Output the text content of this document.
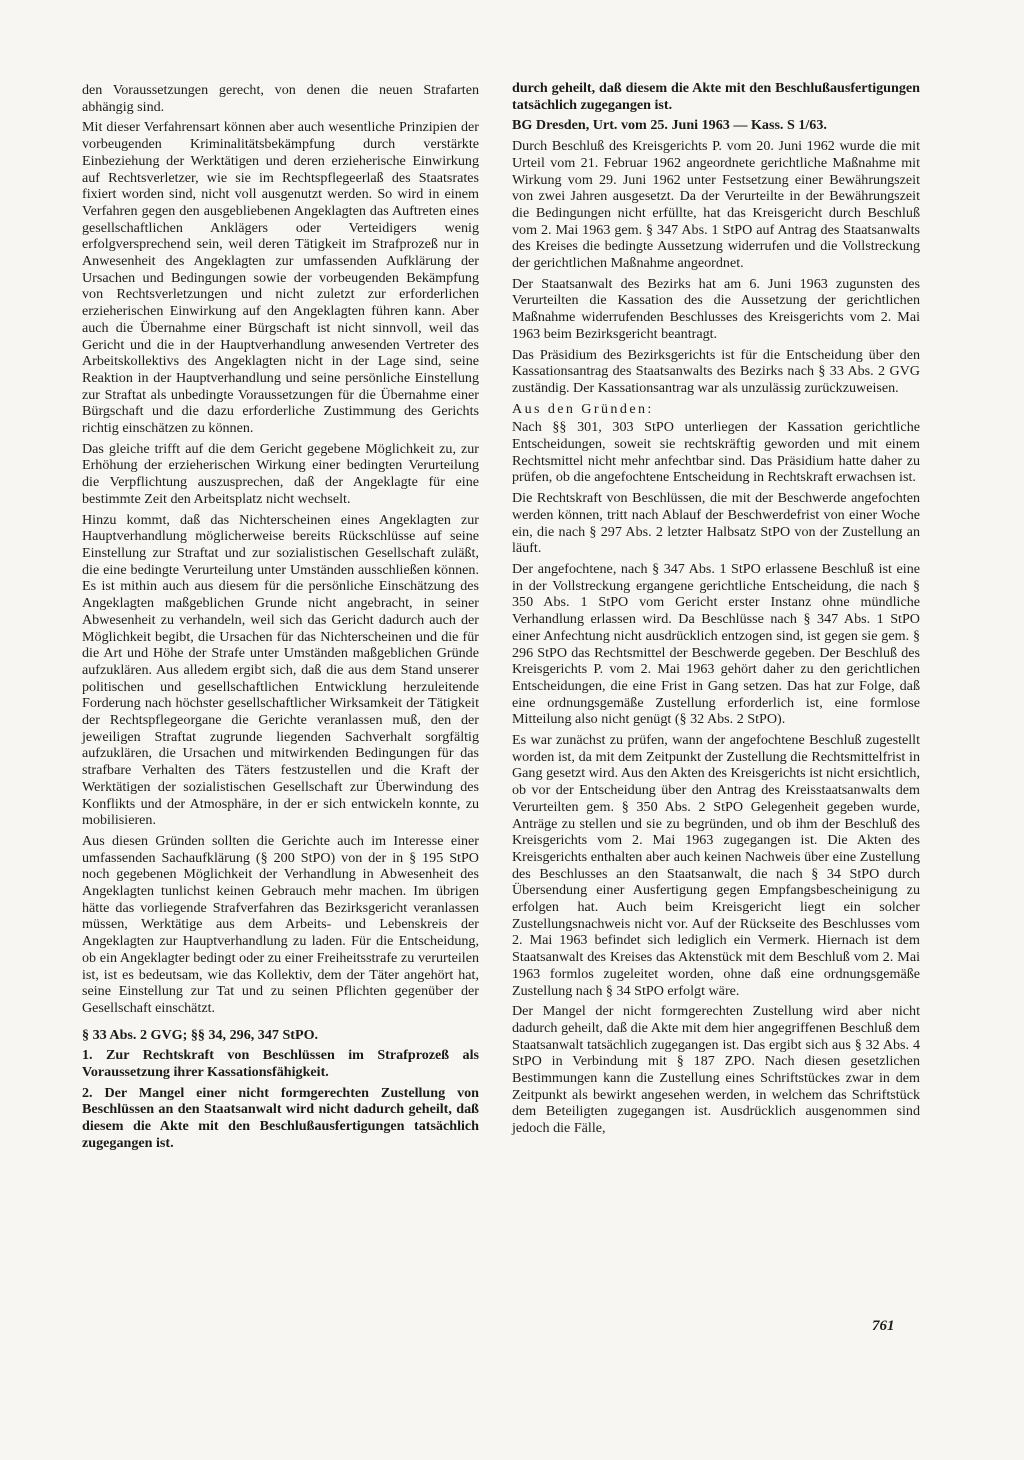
den Voraussetzungen gerecht, von denen die neuen Strafarten abhängig sind.

Mit dieser Verfahrensart können aber auch wesentliche Prinzipien der vorbeugenden Kriminalitätsbekämpfung durch verstärkte Einbeziehung der Werktätigen und deren erzieherische Einwirkung auf Rechtsverletzer, wie sie im Rechtspflegeerlaß des Staatsrates fixiert worden sind, nicht voll ausgenutzt werden. So wird in einem Verfahren gegen den ausgebliebenen Angeklagten das Auftreten eines gesellschaftlichen Anklägers oder Verteidigers wenig erfolgversprechend sein, weil deren Tätigkeit im Strafprozeß nur in Anwesenheit des Angeklagten zur umfassenden Aufklärung der Ursachen und Bedingungen sowie der vorbeugenden Bekämpfung von Rechtsverletzungen und nicht zuletzt zur erforderlichen erzieherischen Einwirkung auf den Angeklagten führen kann. Aber auch die Übernahme einer Bürgschaft ist nicht sinnvoll, weil das Gericht und die in der Hauptverhandlung anwesenden Vertreter des Arbeitskollektivs des Angeklagten nicht in der Lage sind, seine Reaktion in der Hauptverhandlung und seine persönliche Einstellung zur Straftat als unbedingte Voraussetzungen für die Übernahme einer Bürgschaft und die dazu erforderliche Zustimmung des Gerichts richtig einschätzen zu können.

Das gleiche trifft auf die dem Gericht gegebene Möglichkeit zu, zur Erhöhung der erzieherischen Wirkung einer bedingten Verurteilung die Verpflichtung auszusprechen, daß der Angeklagte für eine bestimmte Zeit den Arbeitsplatz nicht wechselt.

Hinzu kommt, daß das Nichterscheinen eines Angeklagten zur Hauptverhandlung möglicherweise bereits Rückschlüsse auf seine Einstellung zur Straftat und zur sozialistischen Gesellschaft zuläßt, die eine bedingte Verurteilung unter Umständen ausschließen können. Es ist mithin auch aus diesem für die persönliche Einschätzung des Angeklagten maßgeblichen Grunde nicht angebracht, in seiner Abwesenheit zu verhandeln, weil sich das Gericht dadurch auch der Möglichkeit begibt, die Ursachen für das Nichterscheinen und die für die Art und Höhe der Strafe unter Umständen maßgeblichen Gründe aufzuklären. Aus alledem ergibt sich, daß die aus dem Stand unserer politischen und gesellschaftlichen Entwicklung herzuleitende Forderung nach höchster gesellschaftlicher Wirksamkeit der Tätigkeit der Rechtspflegeorgane die Gerichte veranlassen muß, den der jeweiligen Straftat zugrunde liegenden Sachverhalt sorgfältig aufzuklären, die Ursachen und mitwirkenden Bedingungen für das strafbare Verhalten des Täters festzustellen und die Kraft der Werktätigen der sozialistischen Gesellschaft zur Überwindung des Konflikts und der Atmosphäre, in der er sich entwickeln konnte, zu mobilisieren.

Aus diesen Gründen sollten die Gerichte auch im Interesse einer umfassenden Sachaufklärung (§ 200 StPO) von der in § 195 StPO noch gegebenen Möglichkeit der Verhandlung in Abwesenheit des Angeklagten tunlichst keinen Gebrauch mehr machen. Im übrigen hätte das vorliegende Strafverfahren das Bezirksgericht veranlassen müssen, Werktätige aus dem Arbeits- und Lebenskreis der Angeklagten zur Hauptverhandlung zu laden. Für die Entscheidung, ob ein Angeklagter bedingt oder zu einer Freiheitsstrafe zu verurteilen ist, ist es bedeutsam, wie das Kollektiv, dem der Täter angehört hat, seine Einstellung zur Tat und zu seinen Pflichten gegenüber der Gesellschaft einschätzt.

§ 33 Abs. 2 GVG; §§ 34, 296, 347 StPO.

1. Zur Rechtskraft von Beschlüssen im Strafprozeß als Voraussetzung ihrer Kassationsfähigkeit.

2. Der Mangel einer nicht formgerechten Zustellung von Beschlüssen an den Staatsanwalt wird nicht dadurch geheilt, daß diesem die Akte mit den Beschlußausfertigungen tatsächlich zugegangen ist.

durch geheilt, daß diesem die Akte mit den Beschlußausfertigungen tatsächlich zugegangen ist.

BG Dresden, Urt. vom 25. Juni 1963 — Kass. S 1/63.

Durch Beschluß des Kreisgerichts P. vom 20. Juni 1962 wurde die mit Urteil vom 21. Februar 1962 angeordnete gerichtliche Maßnahme mit Wirkung vom 29. Juni 1962 unter Festsetzung einer Bewährungszeit von zwei Jahren ausgesetzt. Da der Verurteilte in der Bewährungszeit die Bedingungen nicht erfüllte, hat das Kreisgericht durch Beschluß vom 2. Mai 1963 gem. § 347 Abs. 1 StPO auf Antrag des Staatsanwalts des Kreises die bedingte Aussetzung widerrufen und die Vollstreckung der gerichtlichen Maßnahme angeordnet.

Der Staatsanwalt des Bezirks hat am 6. Juni 1963 zugunsten des Verurteilten die Kassation des die Aussetzung der gerichtlichen Maßnahme widerrufenden Beschlusses des Kreisgerichts vom 2. Mai 1963 beim Bezirksgericht beantragt.

Das Präsidium des Bezirksgerichts ist für die Entscheidung über den Kassationsantrag des Staatsanwalts des Bezirks nach § 33 Abs. 2 GVG zuständig. Der Kassationsantrag war als unzulässig zurückzuweisen.

Aus den Gründen:

Nach §§ 301, 303 StPO unterliegen der Kassation gerichtliche Entscheidungen, soweit sie rechtskräftig geworden und mit einem Rechtsmittel nicht mehr anfechtbar sind. Das Präsidium hatte daher zu prüfen, ob die angefochtene Entscheidung in Rechtskraft erwachsen ist.

Die Rechtskraft von Beschlüssen, die mit der Beschwerde angefochten werden können, tritt nach Ablauf der Beschwerdefrist von einer Woche ein, die nach § 297 Abs. 2 letzter Halbsatz StPO von der Zustellung an läuft.

Der angefochtene, nach § 347 Abs. 1 StPO erlassene Beschluß ist eine in der Vollstreckung ergangene gerichtliche Entscheidung, die nach § 350 Abs. 1 StPO vom Gericht erster Instanz ohne mündliche Verhandlung erlassen wird. Da Beschlüsse nach § 347 Abs. 1 StPO einer Anfechtung nicht ausdrücklich entzogen sind, ist gegen sie gem. § 296 StPO das Rechtsmittel der Beschwerde gegeben. Der Beschluß des Kreisgerichts P. vom 2. Mai 1963 gehört daher zu den gerichtlichen Entscheidungen, die eine Frist in Gang setzen. Das hat zur Folge, daß eine ordnungsgemäße Zustellung erforderlich ist, eine formlose Mitteilung also nicht genügt (§ 32 Abs. 2 StPO).

Es war zunächst zu prüfen, wann der angefochtene Beschluß zugestellt worden ist, da mit dem Zeitpunkt der Zustellung die Rechtsmittelfrist in Gang gesetzt wird. Aus den Akten des Kreisgerichts ist nicht ersichtlich, ob vor der Entscheidung über den Antrag des Kreisstaatsanwalts dem Verurteilten gem. § 350 Abs. 2 StPO Gelegenheit gegeben wurde, Anträge zu stellen und sie zu begründen, und ob ihm der Beschluß des Kreisgerichts vom 2. Mai 1963 zugegangen ist. Die Akten des Kreisgerichts enthalten aber auch keinen Nachweis über eine Zustellung des Beschlusses an den Staatsanwalt, die nach § 34 StPO durch Übersendung einer Ausfertigung gegen Empfangsbescheinigung zu erfolgen hat. Auch beim Kreisgericht liegt ein solcher Zustellungsnachweis nicht vor. Auf der Rückseite des Beschlusses vom 2. Mai 1963 befindet sich lediglich ein Vermerk. Hiernach ist dem Staatsanwalt des Kreises das Aktenstück mit dem Beschluß vom 2. Mai 1963 formlos zugeleitet worden, ohne daß eine ordnungsgemäße Zustellung nach § 34 StPO erfolgt wäre.

Der Mangel der nicht formgerechten Zustellung wird aber nicht dadurch geheilt, daß die Akte mit dem hier angegriffenen Beschluß dem Staatsanwalt tatsächlich zugegangen ist. Das ergibt sich aus § 32 Abs. 4 StPO in Verbindung mit § 187 ZPO. Nach diesen gesetzlichen Bestimmungen kann die Zustellung eines Schriftstückes zwar in dem Zeitpunkt als bewirkt angesehen werden, in welchem das Schriftstück dem Beteiligten zugegangen ist. Ausdrücklich ausgenommen sind jedoch die Fälle,

761
